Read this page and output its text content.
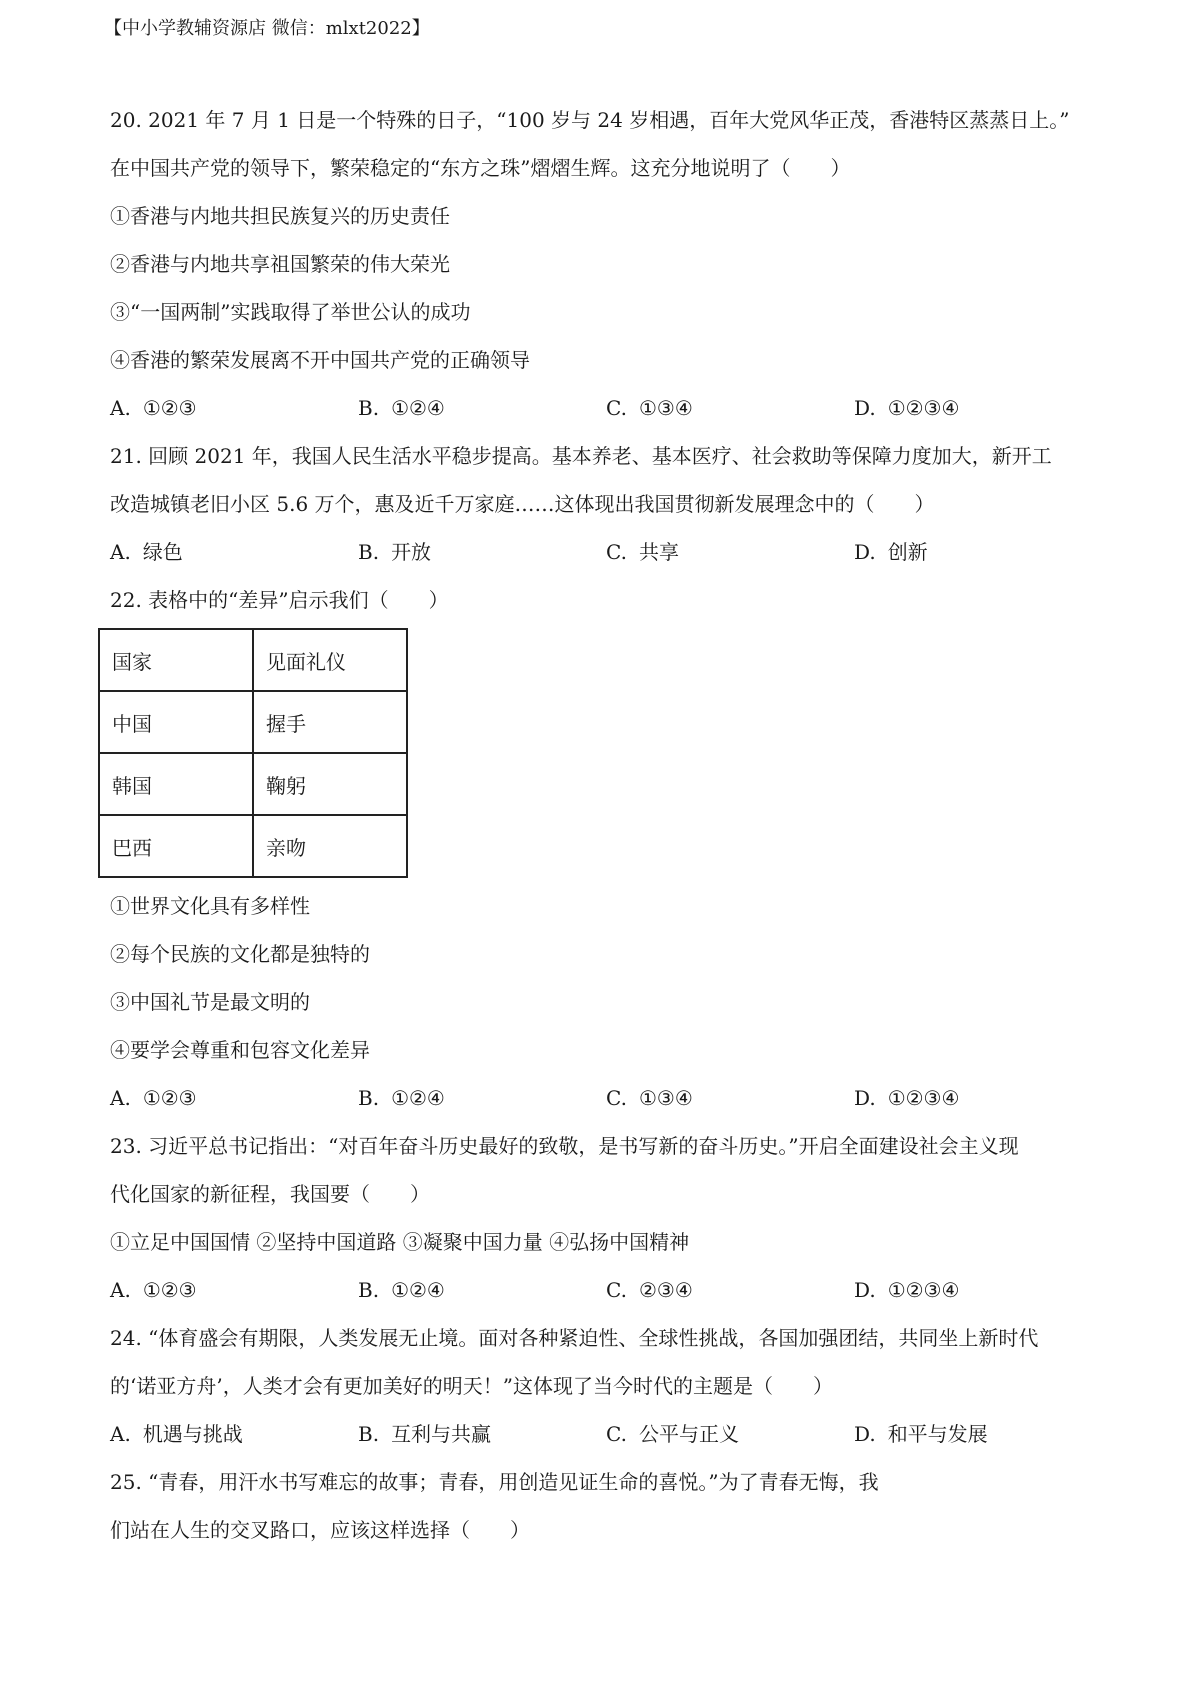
【中小学教辅资源店 微信：mlxt2022】
20. 2021 年 7 月 1 日是一个特殊的日子，“100 岁与 24 岁相遇，百年大党风华正茂，香港特区蒸蒸日上。”
在中国共产党的领导下，繁荣稳定的“东方之珠”熠熠生辉。这充分地说明了（　　）
①香港与内地共担民族复兴的历史责任
②香港与内地共享祖国繁荣的伟大荣光
③“一国两制”实践取得了举世公认的成功
④香港的繁荣发展离不开中国共产党的正确领导
A. ①②③	B. ①②④	C. ①③④	D. ①②③④
21. 回顾 2021 年，我国人民生活水平稳步提高。基本养老、基本医疗、社会救助等保障力度加大，新开工
改造城镇老旧小区 5.6 万个，惠及近千万家庭……这体现出我国贯彻新发展理念中的（　　）
A. 绿色	B. 开放	C. 共享	D. 创新
22. 表格中的“差异”启示我们（　　）
国家	见面礼仪
中国	握手
韩国	鞠躬
巴西	亲吻
①世界文化具有多样性
②每个民族的文化都是独特的
③中国礼节是最文明的
④要学会尊重和包容文化差异
A. ①②③	B. ①②④	C. ①③④	D. ①②③④
23. 习近平总书记指出：“对百年奋斗历史最好的致敬，是书写新的奋斗历史。”开启全面建设社会主义现
代化国家的新征程，我国要（　　）
①立足中国国情 ②坚持中国道路 ③凝聚中国力量 ④弘扬中国精神
A. ①②③	B. ①②④	C. ②③④	D. ①②③④
24. “体育盛会有期限，人类发展无止境。面对各种紧迫性、全球性挑战，各国加强团结，共同坐上新时代
的‘诺亚方舟’，人类才会有更加美好的明天！”这体现了当今时代的主题是（　　）
A. 机遇与挑战	B. 互利与共赢	C. 公平与正义	D. 和平与发展
25. “青春，用汗水书写难忘的故事；青春，用创造见证生命的喜悦。”为了青春无悔，我
们站在人生的交叉路口，应该这样选择（　　）
